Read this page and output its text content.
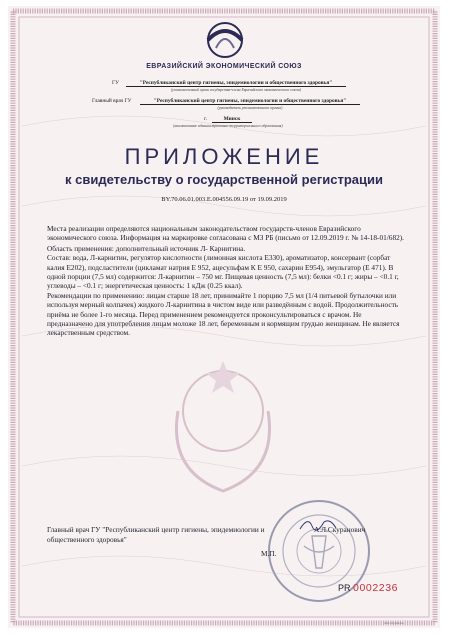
ЕВРАЗИЙСКИЙ ЭКОНОМИЧЕСКИЙ СОЮЗ
ГУ	"Республиканский центр гигиены, эпидемиологии и общественного здоровья"
(уполномоченный орган государства-члена Евразийского экономического союза)
Главный врач ГУ	"Республиканский центр гигиены, эпидемиологии и общественного здоровья"
(руководитель уполномоченного органа)
г.	Минск
(наименование административно-территориального образования)
ПРИЛОЖЕНИЕ
к свидетельству о государственной регистрации
BY.70.06.01.003.E.004556.09.19 от 19.09.2019

Места реализации определяются национальным законодательством государств-членов Евразийского экономического союза. Информация на маркировке согласована с МЗ РБ (письмо от 12.09.2019 г. № 14-18-01/682).

Область применения: дополнительный источник Л- Карнитина.

Состав: вода, Л-карнитин, регулятор кислотности (лимонная кислота Е330), ароматизатор, консервант (сорбат калия Е202), подсластители (цикламат натрия Е 952, ацесульфам К Е 950, сахарин Е954), эмульгатор (Е 471). В одной порции (7,5 мл) содержится: Л-карнитин – 750 мг. Пищевая ценность (7,5 мл): белки <0.1 г; жиры – <0.1 г, углеводы – <0.1 г; энергетическая ценность: 1 кДж (0.25 ккал).

Рекомендации по применению: лицам старше 18 лет, принимайте 1 порцию 7,5 мл (1/4 питьевой бутылочки или используя мерный колпачек) жидкого Л-карнитина в чистом виде или разведённым с водой. Продолжительность приёма не более 1-го месяца. Перед применением рекомендуется проконсультироваться с врачом. Не предназначено для употребления лицам моложе 18 лет, беременным и кормящим грудью женщинам. Не является лекарственным средством.

Главный врач ГУ "Республиканский центр гигиены, эпидемиологии и общественного здоровья"
А.Л.Скуранович
М.П.
PR 0002236
ОАО «Лудпечать»
